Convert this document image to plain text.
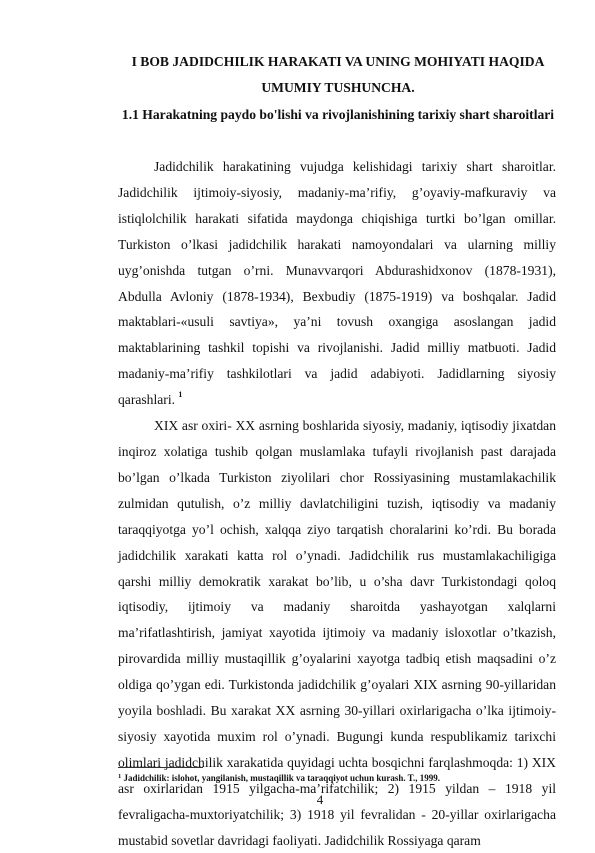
I BOB JADIDCHILIK HARAKATI VA UNING MOHIYATI HAQIDA UMUMIY TUSHUNCHA.
1.1 Harakatning paydo bo'lishi va rivojlanishining tarixiy shart sharoitlari

Jadidchilik harakatining vujudga kelishidagi tarixiy shart sharoitlar. Jadidchilik ijtimoiy-siyosiy, madaniy-ma’rifiy, g’oyaviy-mafkuraviy va istiqlolchilik harakati sifatida maydonga chiqishiga turtki bo’lgan omillar. Turkiston o’lkasi jadidchilik harakati namoyondalari va ularning milliy uyg’onishda tutgan o’rni. Munavvarqori Abdurashidxonov (1878-1931), Abdulla Avloniy (1878-1934), Bexbudiy (1875-1919) va boshqalar. Jadid maktablari-«usuli savtiya», ya’ni tovush oxangiga asoslangan jadid maktablarining tashkil topishi va rivojlanishi. Jadid milliy matbuoti. Jadid madaniy-ma’rifiy tashkilotlari va jadid adabiyoti. Jadidlarning siyosiy qarashlari. $^1$

XIX asr oxiri- XX asrning boshlarida siyosiy, madaniy, iqtisodiy jixatdan inqiroz xolatiga tushib qolgan muslamlaka tufayli rivojlanish past darajada bo’lgan o’lkada Turkiston ziyolilari chor Rossiyasining mustamlakachilik zulmidan qutulish, o’z milliy davlatchiligini tuzish, iqtisodiy va madaniy taraqqiyotga yo’l ochish, xalqqa ziyo tarqatish choralarini ko’rdi. Bu borada jadidchilik xarakati katta rol o’ynadi. Jadidchilik rus mustamlakachiligiga qarshi milliy demokratik xarakat bo’lib, u o’sha davr Turkistondagi qoloq iqtisodiy, ijtimoiy va madaniy sharoitda yashayotgan xalqlarni ma’rifatlashtirish, jamiyat xayotida ijtimoiy va madaniy isloxotlar o’tkazish, pirovardida milliy mustaqillik g’oyalarini xayotga tadbiq etish maqsadini o’z oldiga qo’ygan edi. Turkistonda jadidchilik g’oyalari XIX asrning 90-yillaridan yoyila boshladi. Bu xarakat XX asrning 30-yillari oxirlarigacha o’lka ijtimoiy-siyosiy xayotida muxim rol o’ynadi. Bugungi kunda respublikamiz tarixchi olimlari jadidchilik xarakatida quyidagi uchta bosqichni farqlashmoqda: 1) XIX asr oxirlaridan 1915 yilgacha-ma’rifatchilik; 2) 1915 yildan – 1918 yil fevraligacha-muxtoriyatchilik; 3) 1918 yil fevralidan - 20-yillar oxirlarigacha mustabid sovetlar davridagi faoliyati. Jadidchilik Rossiyaga qaram

$^1$ Jadidchilik: islohot, yangilanish, mustaqillik va taraqqiyot uchun kurash. T., 1999.
4
